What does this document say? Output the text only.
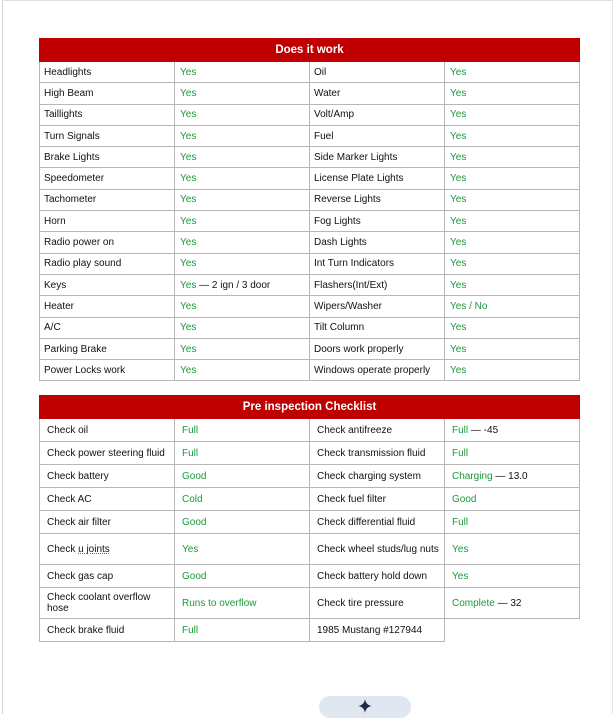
Does it work			
Headlights	Yes	Oil	Yes
High Beam	Yes	Water	Yes
Taillights	Yes	Volt/Amp	Yes
Turn Signals	Yes	Fuel	Yes
Brake Lights	Yes	Side Marker Lights	Yes
Speedometer	Yes	License Plate Lights	Yes
Tachometer	Yes	Reverse Lights	Yes
Horn	Yes	Fog Lights	Yes
Radio power on	Yes	Dash Lights	Yes
Radio play sound	Yes	Int Turn Indicators	Yes
Keys	Yes — 2 ign / 3 door	Flashers(Int/Ext)	Yes
Heater	Yes	Wipers/Washer	Yes / No
A/C	Yes	Tilt Column	Yes
Parking Brake	Yes	Doors work properly	Yes
Power Locks work	Yes	Windows operate properly	Yes
Pre inspection Checklist			
Check oil	Full	Check antifreeze	Full — -45
Check power steering fluid	Full	Check transmission fluid	Full
Check battery	Good	Check charging system	Charging — 13.0
Check AC	Cold	Check fuel filter	Good
Check air filter	Good	Check differential fluid	Full
Check u joints	Yes	Check wheel studs/lug nuts	Yes
Check gas cap	Good	Check battery hold down	Yes
Check coolant overflow hose	Runs to overflow	Check tire pressure	Complete — 32
Check brake fluid	Full	1985 Mustang #127944	
